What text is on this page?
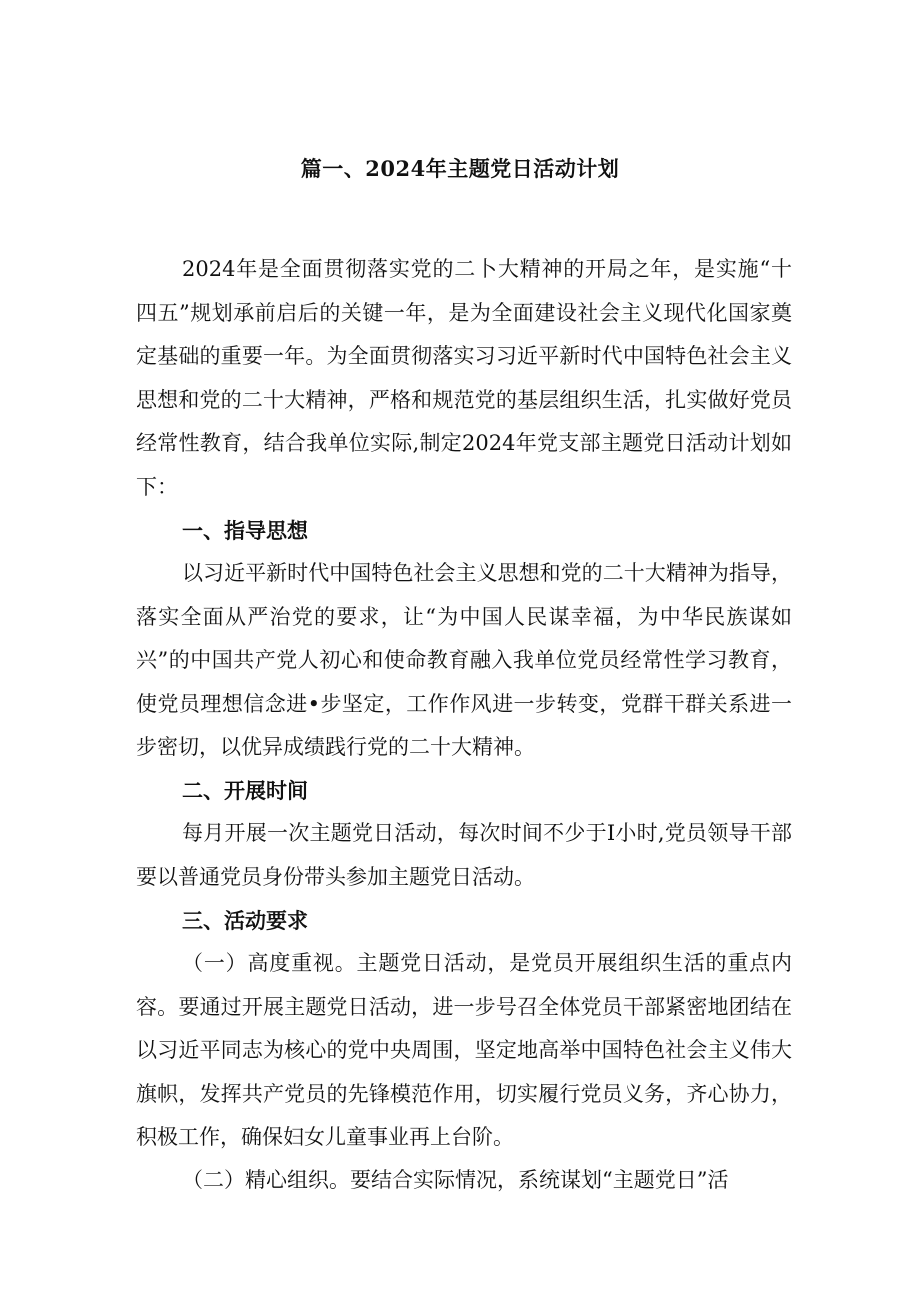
篇一、2024年主题党日活动计划

2024年是全面贯彻落实党的二卜大精神的开局之年，是实施“十四五”规划承前启后的关键一年，是为全面建设社会主义现代化国家奠定基础的重要一年。为全面贯彻落实习习近平新时代中国特色社会主义思想和党的二十大精神，严格和规范党的基层组织生活，扎实做好党员经常性教育，结合我单位实际,制定2024年党支部主题党日活动计划如下：

一、指导思想

以习近平新时代中国特色社会主义思想和党的二十大精神为指导，落实全面从严治党的要求，让“为中国人民谋幸福，为中华民族谋如兴”的中国共产党人初心和使命教育融入我单位党员经常性学习教育，使党员理想信念进•步坚定，工作作风进一步转变，党群干群关系进一步密切，以优异成绩践行党的二十大精神。

二、开展时间

每月开展一次主题党日活动，每次时间不少于I小时,党员领导干部要以普通党员身份带头参加主题党日活动。

三、活动要求

（一）高度重视。主题党日活动，是党员开展组织生活的重点内容。要通过开展主题党日活动，进一步号召全体党员干部紧密地团结在以习近平同志为核心的党中央周围，坚定地高举中国特色社会主义伟大旗帜，发挥共产党员的先锋模范作用，切实履行党员义务，齐心协力，积极工作，确保妇女儿童事业再上台阶。

（二）精心组织。要结合实际情况，系统谋划“主题党日”活
